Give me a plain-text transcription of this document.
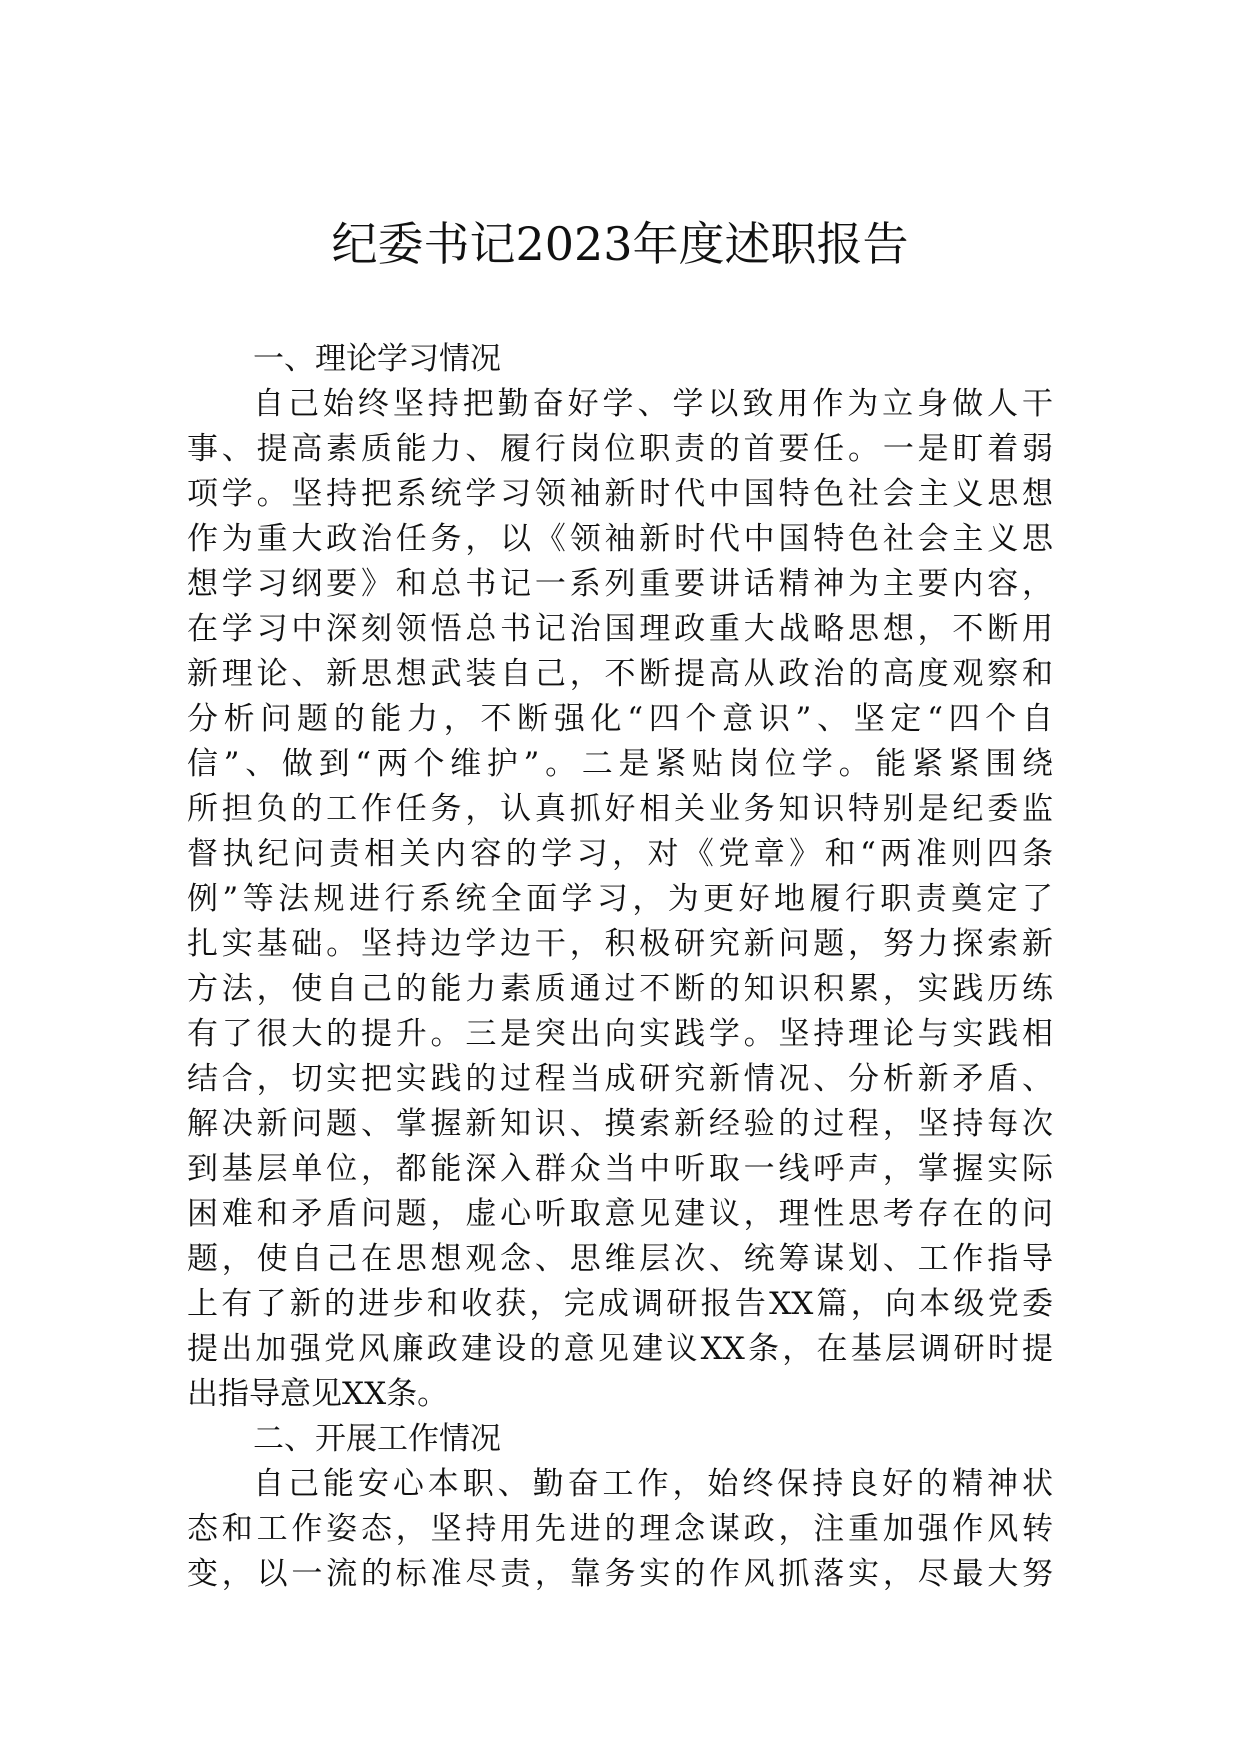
纪委书记2023年度述职报告
一、理论学习情况
自己始终坚持把勤奋好学、学以致用作为立身做人干
事、提高素质能力、履行岗位职责的首要任。一是盯着弱
项学。坚持把系统学习领袖新时代中国特色社会主义思想
作为重大政治任务，以《领袖新时代中国特色社会主义思
想学习纲要》和总书记一系列重要讲话精神为主要内容，
在学习中深刻领悟总书记治国理政重大战略思想，不断用
新理论、新思想武装自己，不断提高从政治的高度观察和
分析问题的能力，不断强化“四个意识”、坚定“四个自
信”、做到“两个维护”。二是紧贴岗位学。能紧紧围绕
所担负的工作任务，认真抓好相关业务知识特别是纪委监
督执纪问责相关内容的学习，对《党章》和“两准则四条
例”等法规进行系统全面学习，为更好地履行职责奠定了
扎实基础。坚持边学边干，积极研究新问题，努力探索新
方法，使自己的能力素质通过不断的知识积累，实践历练
有了很大的提升。三是突出向实践学。坚持理论与实践相
结合，切实把实践的过程当成研究新情况、分析新矛盾、
解决新问题、掌握新知识、摸索新经验的过程，坚持每次
到基层单位，都能深入群众当中听取一线呼声，掌握实际
困难和矛盾问题，虚心听取意见建议，理性思考存在的问
题，使自己在思想观念、思维层次、统筹谋划、工作指导
上有了新的进步和收获，完成调研报告XX篇，向本级党委
提出加强党风廉政建设的意见建议XX条，在基层调研时提
出指导意见XX条。
二、开展工作情况
自己能安心本职、勤奋工作，始终保持良好的精神状
态和工作姿态，坚持用先进的理念谋政，注重加强作风转
变，以一流的标准尽责，靠务实的作风抓落实，尽最大努
